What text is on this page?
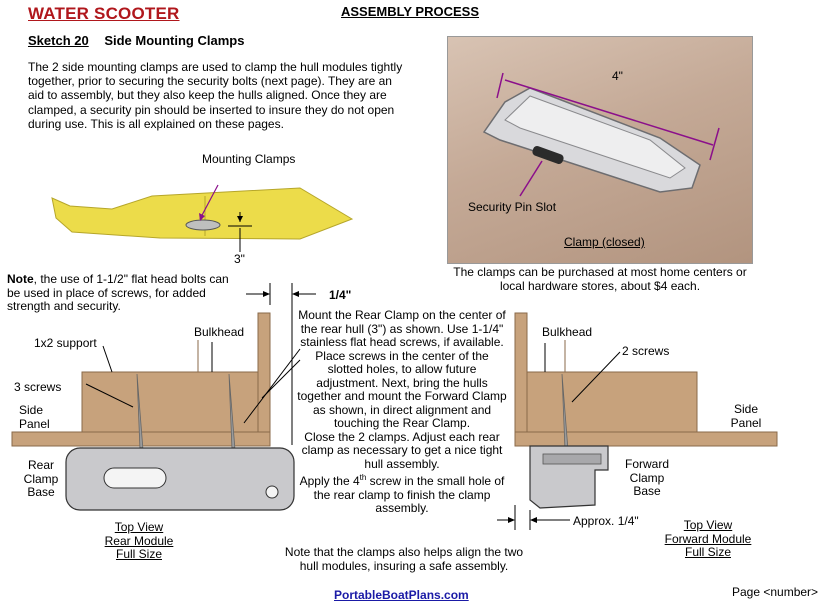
WATER SCOOTER	ASSEMBLY PROCESS
Sketch 20 Side Mounting Clamps
The 2 side mounting clamps are used to clamp the hull modules tightly together, prior to securing the security bolts (next page). They are an aid to assembly, but they also keep the hulls aligned. Once they are clamped, a security pin should be inserted to insure they do not open during use. This is all explained on these pages.
Mounting Clamps
3"
4"
Security Pin Slot
Clamp (closed)
The clamps can be purchased at most home centers or local hardware stores, about $4 each.
Note, the use of 1-1/2" flat head bolts can be used in place of screws, for added strength and security.
1/4"
Mount the Rear Clamp on the center of the rear hull (3") as shown. Use 1-1/4" stainless flat head screws, if available. Place screws in the center of the slotted holes, to allow future adjustment. Next, bring the hulls together and mount the Forward Clamp as shown, in direct alignment and touching the Rear Clamp.
Close the 2 clamps. Adjust each rear clamp as necessary to get a nice tight hull assembly.
Apply the 4th screw in the small hole of the rear clamp to finish the clamp assembly.
1x2 support
Bulkhead
3 screws
Side Panel
Rear Clamp Base
Top View
Rear Module
Full Size
Bulkhead
2 screws
Side Panel
Forward Clamp Base
Approx. 1/4"	Top View
Forward Module
Full Size
Note that the clamps also helps align the two hull modules, insuring a safe assembly.
PortableBoatPlans.com	Page <number>
